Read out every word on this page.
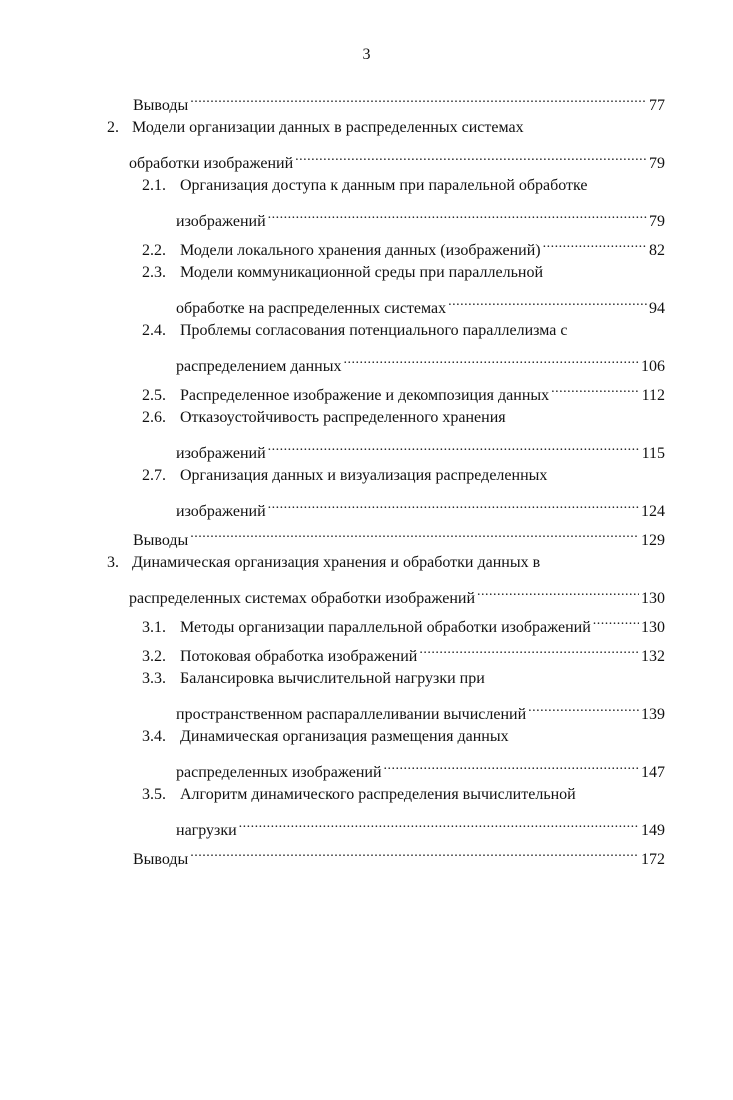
3
Выводы .....	77
2. Модели организации данных в распределенных системах
обработки изображений .....	79
2.1. Организация доступа к данным при паралельной обработке
изображений .....	79
2.2. Модели локального хранения данных (изображений) .....	82
2.3. Модели коммуникационной среды при параллельной
обработке на распределенных системах .....	94
2.4. Проблемы согласования потенциального параллелизма с
распределением данных .....	106
2.5. Распределенное изображение и декомпозиция данных .....	112
2.6. Отказоустойчивость распределенного хранения
изображений .....	115
2.7. Организация данных и визуализация распределенных
изображений .....	124
Выводы .....	129
3. Динамическая организация хранения и обработки данных в
распределенных системах обработки изображений .....	130
3.1. Методы организации параллельной обработки изображений .....	130
3.2. Потоковая обработка изображений .....	132
3.3. Балансировка вычислительной нагрузки при
пространственном распараллеливании вычислений .....	139
3.4. Динамическая организация размещения данных
распределенных изображений .....	147
3.5. Алгоритм динамического распределения вычислительной
нагрузки .....	149
Выводы .....	172
